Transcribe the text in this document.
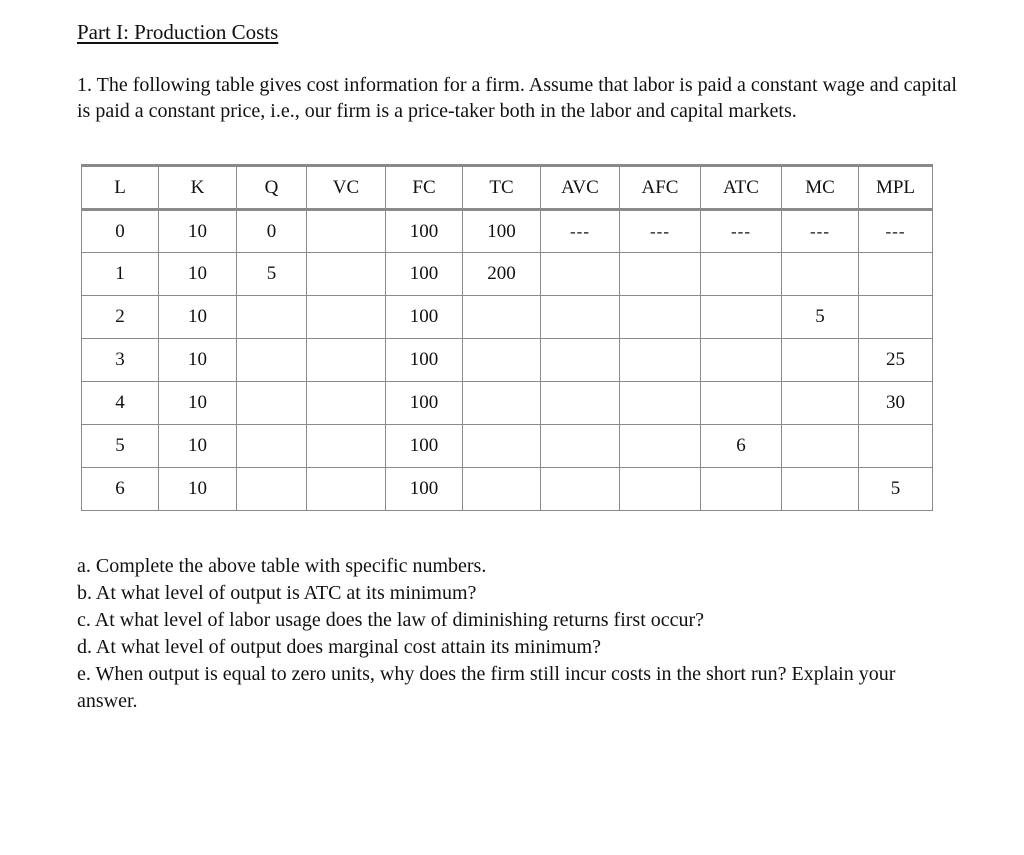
Part I: Production Costs

1. The following table gives cost information for a firm. Assume that labor is paid a constant wage and capital is paid a constant price, i.e., our firm is a price-taker both in the labor and capital markets.

L	K	Q	VC	FC	TC	AVC	AFC	ATC	MC	MPL
0	10	0		100	100	---	---	---	---	---
1	10	5		100	200					
2	10			100					5	
3	10			100						25
4	10			100						30
5	10			100				6		
6	10			100						5
a. Complete the above table with specific numbers.
b. At what level of output is ATC at its minimum?
c. At what level of labor usage does the law of diminishing returns first occur?
d. At what level of output does marginal cost attain its minimum?
e. When output is equal to zero units, why does the firm still incur costs in the short run? Explain your answer.
